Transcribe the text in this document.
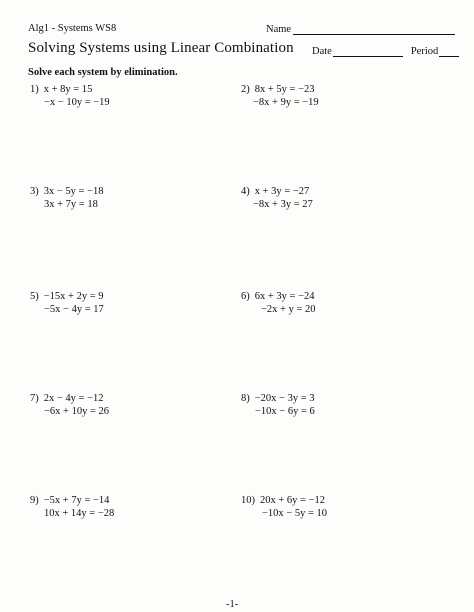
Alg1 - Systems WS8	Name
Solving Systems using Linear Combination Date	Period
Solve each system by elimination.
1) x + 8y = 15
−x − 10y = −19
3) 3x − 5y = −18
3x + 7y = 18
5) −15x + 2y = 9
−5x − 4y = 17
7) 2x − 4y = −12
−6x + 10y = 26
9) −5x + 7y = −14
10x + 14y = −28
2) 8x + 5y = −23
−8x + 9y = −19
4) x + 3y = −27
−8x + 3y = 27
6) 6x + 3y = −24
−2x + y = 20
8) −20x − 3y = 3
−10x − 6y = 6
10) 20x + 6y = −12
−10x − 5y = 10
-1-
